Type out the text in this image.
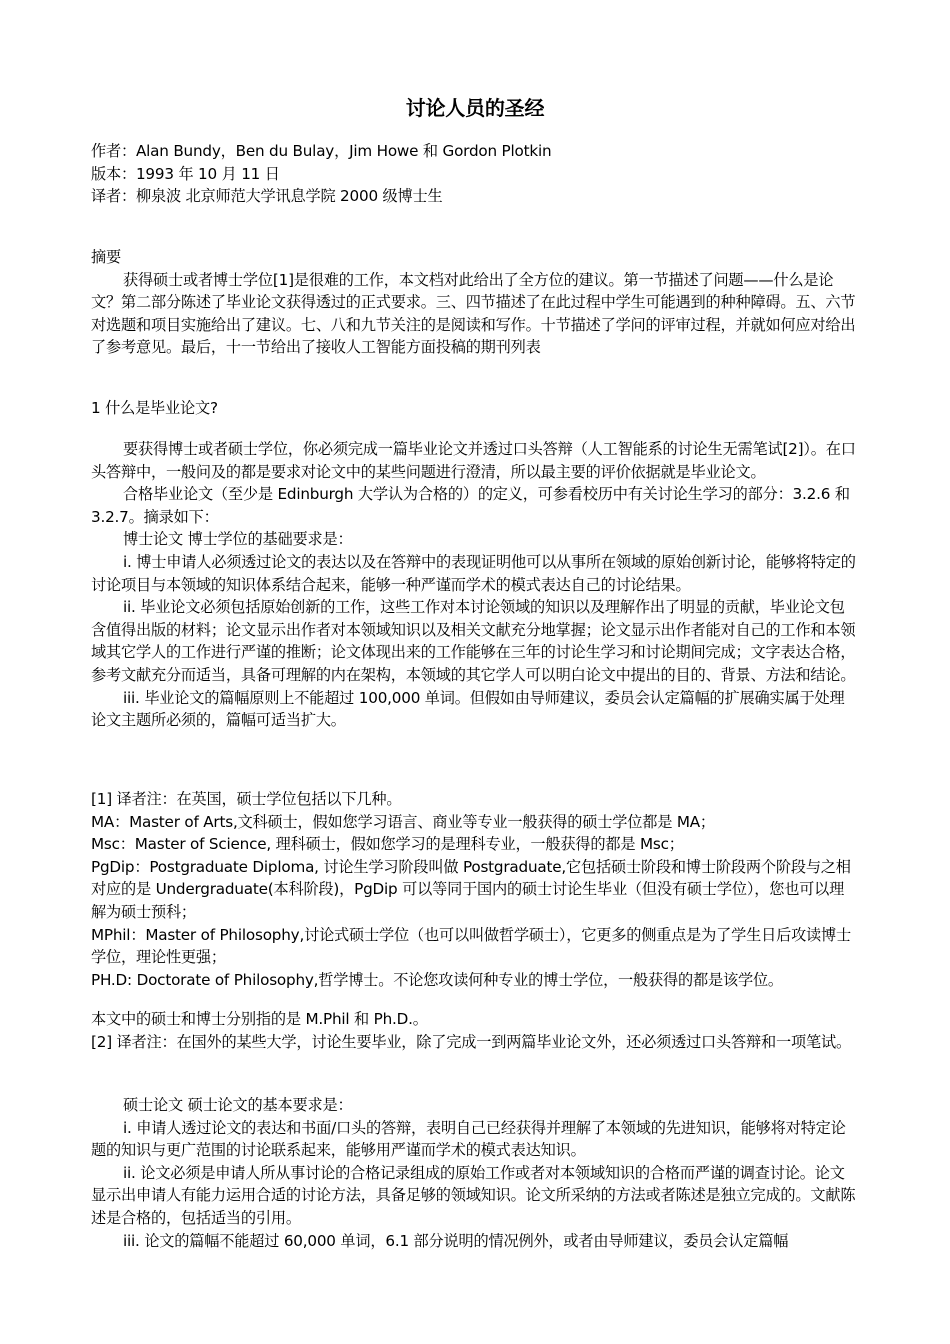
讨论人员的圣经
作者：Alan Bundy，Ben du Bulay，Jim Howe 和 Gordon Plotkin
版本：1993 年 10 月 11 日
译者：柳泉波 北京师范大学讯息学院 2000 级博士生
摘要
获得硕士或者博士学位[1]是很难的工作，本文档对此给出了全方位的建议。第一节描述了问题——什么是论文？第二部分陈述了毕业论文获得透过的正式要求。三、四节描述了在此过程中学生可能遇到的种种障碍。五、六节对选题和项目实施给出了建议。七、八和九节关注的是阅读和写作。十节描述了学问的评审过程，并就如何应对给出了参考意见。最后，十一节给出了接收人工智能方面投稿的期刊列表
1 什么是毕业论文?
要获得博士或者硕士学位，你必须完成一篇毕业论文并透过口头答辩（人工智能系的讨论生无需笔试[2]）。在口头答辩中，一般问及的都是要求对论文中的某些问题进行澄清，所以最主要的评价依据就是毕业论文。
合格毕业论文（至少是 Edinburgh 大学认为合格的）的定义，可参看校历中有关讨论生学习的部分：3.2.6 和 3.2.7。摘录如下：
博士论文 博士学位的基础要求是：
i. 博士申请人必须透过论文的表达以及在答辩中的表现证明他可以从事所在领域的原始创新讨论，能够将特定的讨论项目与本领域的知识体系结合起来，能够一种严谨而学术的模式表达自己的讨论结果。
ii. 毕业论文必须包括原始创新的工作，这些工作对本讨论领域的知识以及理解作出了明显的贡献，毕业论文包含值得出版的材料；论文显示出作者对本领域知识以及相关文献充分地掌握；论文显示出作者能对自己的工作和本领域其它学人的工作进行严谨的推断；论文体现出来的工作能够在三年的讨论生学习和讨论期间完成；文字表达合格，参考文献充分而适当，具备可理解的内在架构，本领域的其它学人可以明白论文中提出的目的、背景、方法和结论。
iii. 毕业论文的篇幅原则上不能超过 100,000 单词。但假如由导师建议，委员会认定篇幅的扩展确实属于处理论文主题所必须的，篇幅可适当扩大。
[1] 译者注：在英国，硕士学位包括以下几种。
MA：Master of Arts,文科硕士，假如您学习语言、商业等专业一般获得的硕士学位都是 MA；
Msc：Master of Science, 理科硕士，假如您学习的是理科专业，一般获得的都是 Msc；
PgDip：Postgraduate Diploma, 讨论生学习阶段叫做 Postgraduate,它包括硕士阶段和博士阶段两个阶段与之相对应的是 Undergraduate(本科阶段)，PgDip 可以等同于国内的硕士讨论生毕业（但没有硕士学位），您也可以理解为硕士预科；
MPhil：Master of Philosophy,讨论式硕士学位（也可以叫做哲学硕士），它更多的侧重点是为了学生日后攻读博士学位，理论性更强；
PH.D: Doctorate of Philosophy,哲学博士。不论您攻读何种专业的博士学位，一般获得的都是该学位。
本文中的硕士和博士分别指的是 M.Phil 和 Ph.D.。
[2] 译者注：在国外的某些大学，讨论生要毕业，除了完成一到两篇毕业论文外，还必须透过口头答辩和一项笔试。
硕士论文 硕士论文的基本要求是：
i. 申请人透过论文的表达和书面/口头的答辩，表明自己已经获得并理解了本领域的先进知识，能够将对特定论题的知识与更广范围的讨论联系起来，能够用严谨而学术的模式表达知识。
ii. 论文必须是申请人所从事讨论的合格记录组成的原始工作或者对本领域知识的合格而严谨的调查讨论。论文显示出申请人有能力运用合适的讨论方法，具备足够的领域知识。论文所采纳的方法或者陈述是独立完成的。文献陈述是合格的，包括适当的引用。
iii. 论文的篇幅不能超过 60,000 单词，6.1 部分说明的情况例外，或者由导师建议，委员会认定篇幅
